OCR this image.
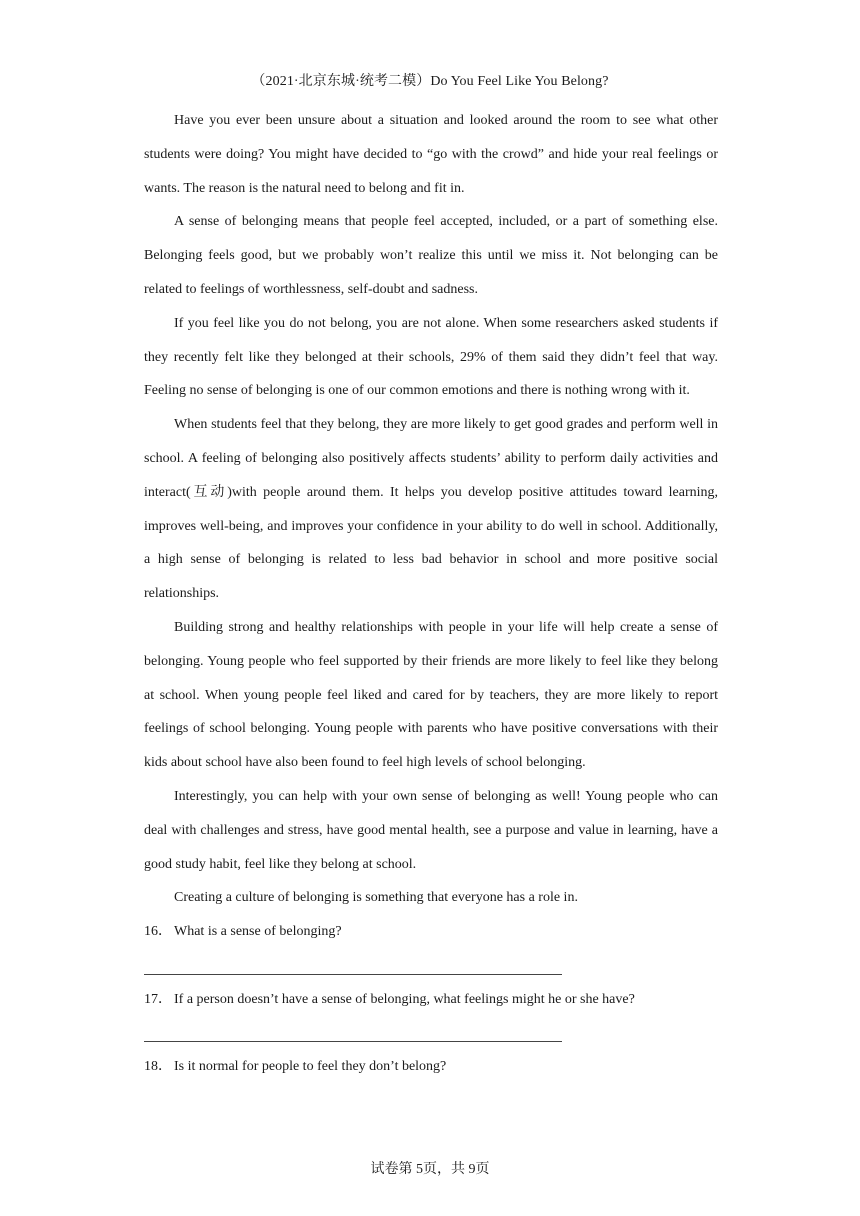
（2021·北京东城·统考二模）Do You Feel Like You Belong?

Have you ever been unsure about a situation and looked around the room to see what other students were doing? You might have decided to “go with the crowd” and hide your real feelings or wants. The reason is the natural need to belong and fit in.

A sense of belonging means that people feel accepted, included, or a part of something else. Belonging feels good, but we probably won’t realize this until we miss it. Not belonging can be related to feelings of worthlessness, self-doubt and sadness.

If you feel like you do not belong, you are not alone. When some researchers asked students if they recently felt like they belonged at their schools, 29% of them said they didn’t feel that way. Feeling no sense of belonging is one of our common emotions and there is nothing wrong with it.

When students feel that they belong, they are more likely to get good grades and perform well in school. A feeling of belonging also positively affects students’ ability to perform daily activities and interact(互动)with people around them. It helps you develop positive attitudes toward learning, improves well-being, and improves your confidence in your ability to do well in school. Additionally, a high sense of belonging is related to less bad behavior in school and more positive social relationships.

Building strong and healthy relationships with people in your life will help create a sense of belonging. Young people who feel supported by their friends are more likely to feel like they belong at school. When young people feel liked and cared for by teachers, they are more likely to report feelings of school belonging. Young people with parents who have positive conversations with their kids about school have also been found to feel high levels of school belonging.

Interestingly, you can help with your own sense of belonging as well! Young people who can deal with challenges and stress, have good mental health, see a purpose and value in learning, have a good study habit, feel like they belong at school.

Creating a culture of belonging is something that everyone has a role in.

16． What is a sense of belonging?

17． If a person doesn’t have a sense of belonging, what feelings might he or she have?

18． Is it normal for people to feel they don’t belong?

试卷第 5页，共 9页
